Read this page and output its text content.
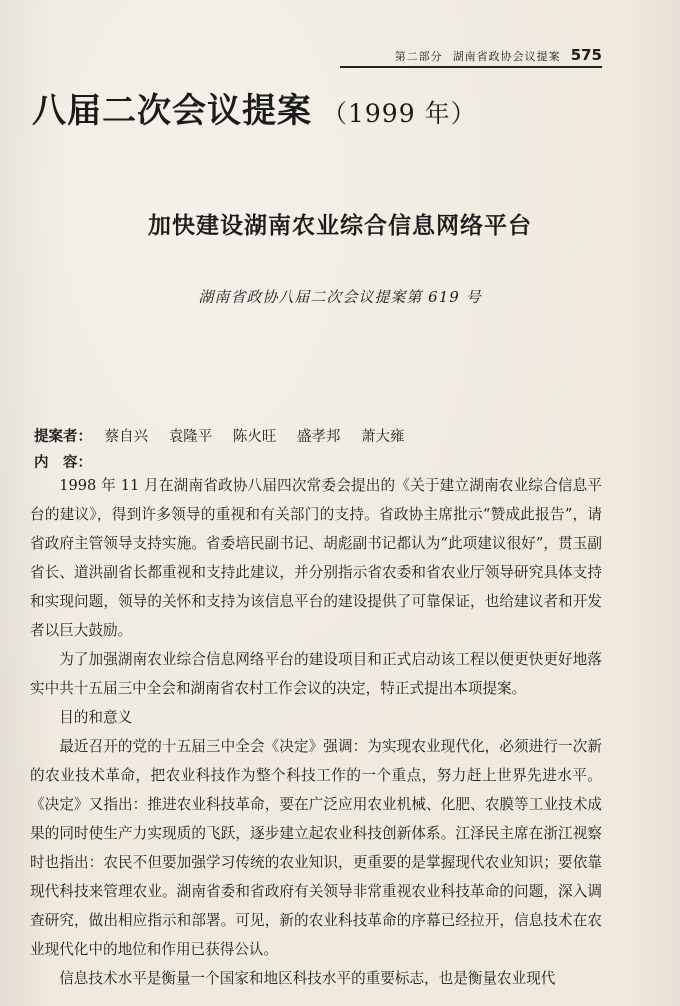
第二部分 湖南省政协会议提案 575
八届二次会议提案 （1999 年）
加快建设湖南农业综合信息网络平台
湖南省政协八届二次会议提案第 619 号
提案者： 蔡自兴 袁隆平 陈火旺 盛孝邦 萧大雍
内　容：

1998 年 11 月在湖南省政协八届四次常委会提出的《关于建立湖南农业综合信息平台的建议》，得到许多领导的重视和有关部门的支持。省政协主席批示“赞成此报告”，请省政府主管领导支持实施。省委培民副书记、胡彪副书记都认为“此项建议很好”，贯玉副省长、道洪副省长都重视和支持此建议，并分别指示省农委和省农业厅领导研究具体支持和实现问题，领导的关怀和支持为该信息平台的建设提供了可靠保证，也给建议者和开发者以巨大鼓励。

为了加强湖南农业综合信息网络平台的建设项目和正式启动该工程以便更快更好地落实中共十五届三中全会和湖南省农村工作会议的决定，特正式提出本项提案。

目的和意义

最近召开的党的十五届三中全会《决定》强调：为实现农业现代化，必须进行一次新的农业技术革命，把农业科技作为整个科技工作的一个重点，努力赶上世界先进水平。《决定》又指出：推进农业科技革命，要在广泛应用农业机械、化肥、农膜等工业技术成果的同时使生产力实现质的飞跃，逐步建立起农业科技创新体系。江泽民主席在浙江视察时也指出：农民不但要加强学习传统的农业知识，更重要的是掌握现代农业知识；要依靠现代科技来管理农业。湖南省委和省政府有关领导非常重视农业科技革命的问题，深入调查研究，做出相应指示和部署。可见，新的农业科技革命的序幕已经拉开，信息技术在农业现代化中的地位和作用已获得公认。

信息技术水平是衡量一个国家和地区科技水平的重要标志，也是衡量农业现代
